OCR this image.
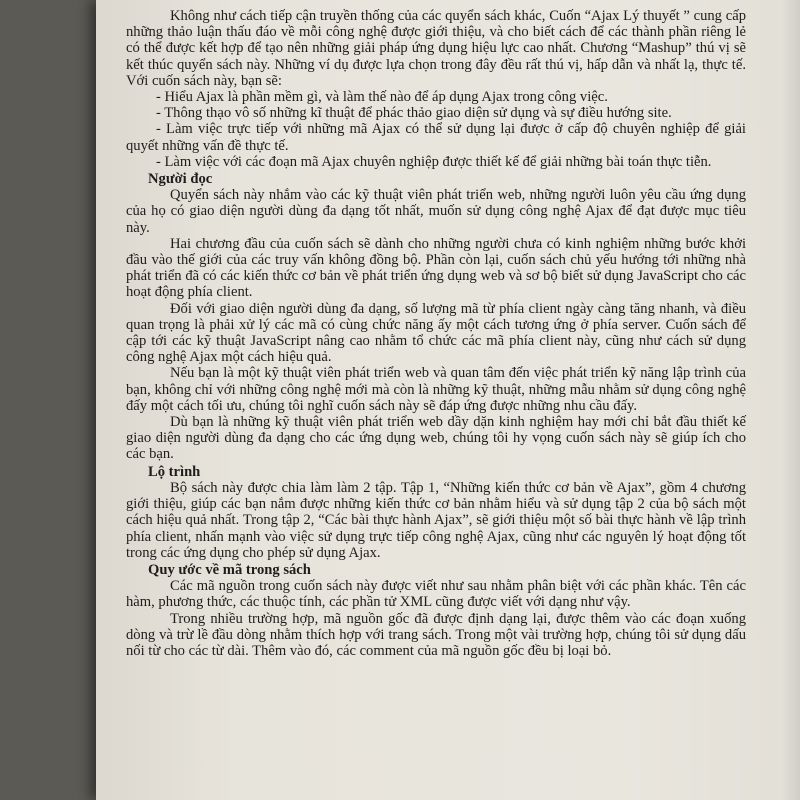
Không như cách tiếp cận truyền thống của các quyển sách khác, Cuốn “Ajax Lý thuyết ” cung cấp những thảo luận thấu đáo về mỗi công nghệ được giới thiệu, và cho biết cách để các thành phần riêng lẻ có thể được kết hợp để tạo nên những giải pháp ứng dụng hiệu lực cao nhất. Chương “Mashup” thú vị sẽ kết thúc quyển sách này. Những ví dụ được lựa chọn trong đây đều rất thú vị, hấp dẫn và nhất lạ, thực tế. Với cuốn sách này, bạn sẽ:

- Hiểu Ajax là phần mềm gì, và làm thế nào để áp dụng Ajax trong công việc.

- Thông thạo vô số những kĩ thuật để phác thảo giao diện sử dụng và sự điều hướng site.

- Làm việc trực tiếp với những mã Ajax có thể sử dụng lại được ở cấp độ chuyên nghiệp để giải quyết những vấn đề thực tế.

- Làm việc với các đoạn mã Ajax chuyên nghiệp được thiết kế để giải những bài toán thực tiễn.

Người đọc

Quyển sách này nhắm vào các kỹ thuật viên phát triển web, những người luôn yêu cầu ứng dụng của họ có giao diện người dùng đa dạng tốt nhất, muốn sử dụng công nghệ Ajax để đạt được mục tiêu này.

Hai chương đầu của cuốn sách sẽ dành cho những người chưa có kinh nghiệm những bước khởi đầu vào thế giới của các truy vấn không đồng bộ. Phần còn lại, cuốn sách chủ yếu hướng tới những nhà phát triển đã có các kiến thức cơ bản về phát triển ứng dụng web và sơ bộ biết sử dụng JavaScript cho các hoạt động phía client.

Đối với giao diện người dùng đa dạng, số lượng mã từ phía client ngày càng tăng nhanh, và điều quan trọng là phải xử lý các mã có cùng chức năng ấy một cách tương ứng ở phía server. Cuốn sách để cập tới các kỹ thuật JavaScript nâng cao nhằm tổ chức các mã phía client này, cũng như cách sử dụng công nghệ Ajax một cách hiệu quả.

Nếu bạn là một kỹ thuật viên phát triển web và quan tâm đến việc phát triển kỹ năng lập trình của bạn, không chỉ với những công nghệ mới mà còn là những kỹ thuật, những mẫu nhằm sử dụng công nghệ đấy một cách tối ưu, chúng tôi nghĩ cuốn sách này sẽ đáp ứng được những nhu cầu đấy.

Dù bạn là những kỹ thuật viên phát triển web dầy dặn kinh nghiệm hay mới chỉ bắt đầu thiết kế giao diện người dùng đa dạng cho các ứng dụng web, chúng tôi hy vọng cuốn sách này sẽ giúp ích cho các bạn.

Lộ trình

Bộ sách này được chia làm làm 2 tập. Tập 1, “Những kiến thức cơ bản về Ajax”, gồm 4 chương giới thiệu, giúp các bạn nắm được những kiến thức cơ bản nhằm hiểu và sử dụng tập 2 của bộ sách một cách hiệu quả nhất. Trong tập 2, “Các bài thực hành Ajax”, sẽ giới thiệu một số bài thực hành về lập trình phía client, nhấn mạnh vào việc sử dụng trực tiếp công nghệ Ajax, cũng như các nguyên lý hoạt động tốt trong các ứng dụng cho phép sử dụng Ajax.

Quy ước về mã trong sách

Các mã nguồn trong cuốn sách này được viết như sau nhằm phân biệt với các phần khác. Tên các hàm, phương thức, các thuộc tính, các phần tử XML cũng được viết với dạng như vậy.

Trong nhiều trường hợp, mã nguồn gốc đã được định dạng lại, được thêm vào các đoạn xuống dòng và trừ lề đầu dòng nhằm thích hợp với trang sách. Trong một vài trường hợp, chúng tôi sử dụng dấu nối từ cho các từ dài. Thêm vào đó, các comment của mã nguồn gốc đều bị loại bỏ.
